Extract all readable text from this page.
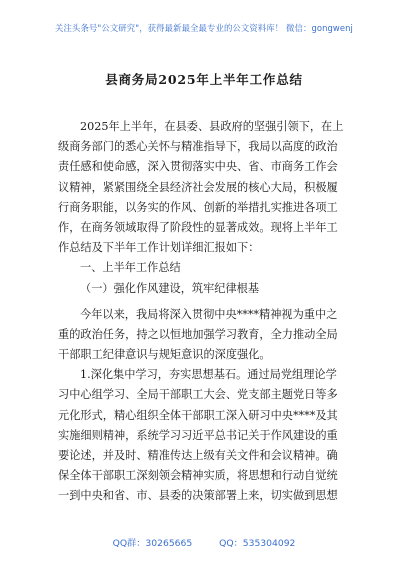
关注头条号"公文研究"，获得最新最全最专业的公文资料库！ 微信：gongwenj
县商务局2025年上半年工作总结
2025年上半年，在县委、县政府的坚强引领下，在上
级商务部门的悉心关怀与精准指导下，我局以高度的政治
责任感和使命感，深入贯彻落实中央、省、市商务工作会
议精神，紧紧围绕全县经济社会发展的核心大局，积极履
行商务职能，以务实的作风、创新的举措扎实推进各项工
作，在商务领域取得了阶段性的显著成效。现将上半年工
作总结及下半年工作计划详细汇报如下：
一、上半年工作总结
（一）强化作风建设，筑牢纪律根基
今年以来，我局将深入贯彻中央****精神视为重中之
重的政治任务，持之以恒地加强学习教育，全力推动全局
干部职工纪律意识与规矩意识的深度强化。
1.深化集中学习，夯实思想基石。通过局党组理论学
习中心组学习、全局干部职工大会、党支部主题党日等多
元化形式，精心组织全体干部职工深入研习中央****及其
实施细则精神，系统学习习近平总书记关于作风建设的重
要论述，并及时、精准传达上级有关文件和会议精神。确
保全体干部职工深刻领会精神实质，将思想和行动自觉统
一到中央和省、市、县委的决策部署上来，切实做到思想
QQ群：30265665	QQ：535304092
